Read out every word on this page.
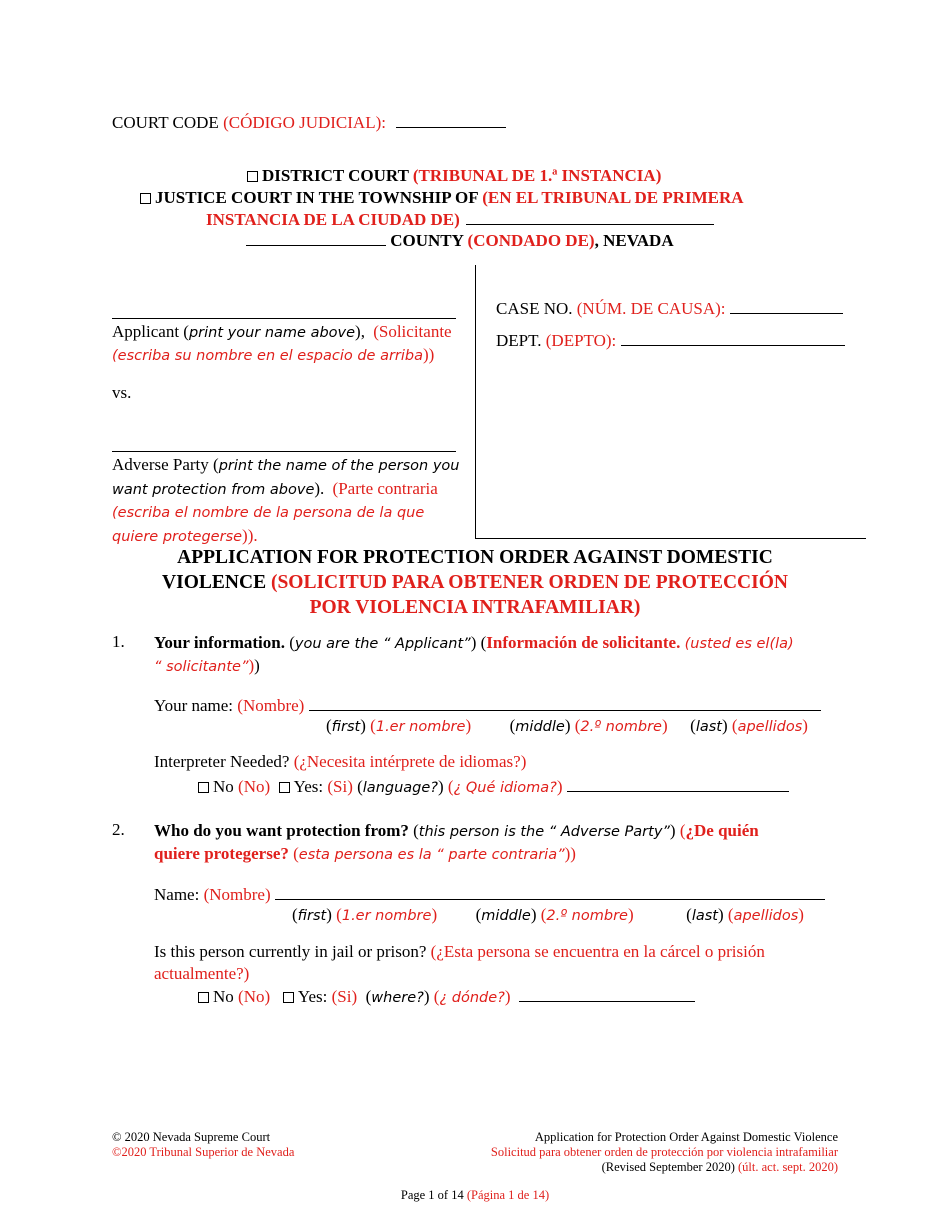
COURT CODE (CÓDIGO JUDICIAL):
DISTRICT COURT (TRIBUNAL DE 1.ª INSTANCIA)
JUSTICE COURT IN THE TOWNSHIP OF (EN EL TRIBUNAL DE PRIMERA
INSTANCIA DE LA CIUDAD DE)
COUNTY (CONDADO DE), NEVADA
Applicant (print your name above), (Solicitante
(escriba su nombre en el espacio de arriba))
vs.
Adverse Party (print the name of the person you
want protection from above). (Parte contraria
(escriba el nombre de la persona de la que
quiere protegerse)).
CASE NO. (NÚM. DE CAUSA):
DEPT. (DEPTO):
APPLICATION FOR PROTECTION ORDER AGAINST DOMESTIC
VIOLENCE (SOLICITUD PARA OBTENER ORDEN DE PROTECCIÓN
POR VIOLENCIA INTRAFAMILIAR)
1. Your information. (you are the “ Applicant”) (Información de solicitante. (usted es el(la)
“ solicitante”))
Your name: (Nombre)
(first) (1.er nombre)  (middle) (2.º nombre)  (last) (apellidos)
Interpreter Needed? (¿Necesita intérprete de idiomas?)
No (No) Yes: (Si) (language?) (¿ Qué idioma?)
2. Who do you want protection from? (this person is the “ Adverse Party”) (¿De quién
quiere protegerse? (esta persona es la “ parte contraria”))
Name: (Nombre)
(first) (1.er nombre)  (middle) (2.º nombre)	(last) (apellidos)
Is this person currently in jail or prison? (¿Esta persona se encuentra en la cárcel o prisión
actualmente?)
No (No) Yes: (Si)  (where?) (¿ dónde?)
© 2020 Nevada Supreme Court
©2020 Tribunal Superior de Nevada
Application for Protection Order Against Domestic Violence
Solicitud para obtener orden de protección por violencia intrafamiliar
(Revised September 2020) (últ. act. sept. 2020)
Page 1 of 14 (Página 1 de 14)
